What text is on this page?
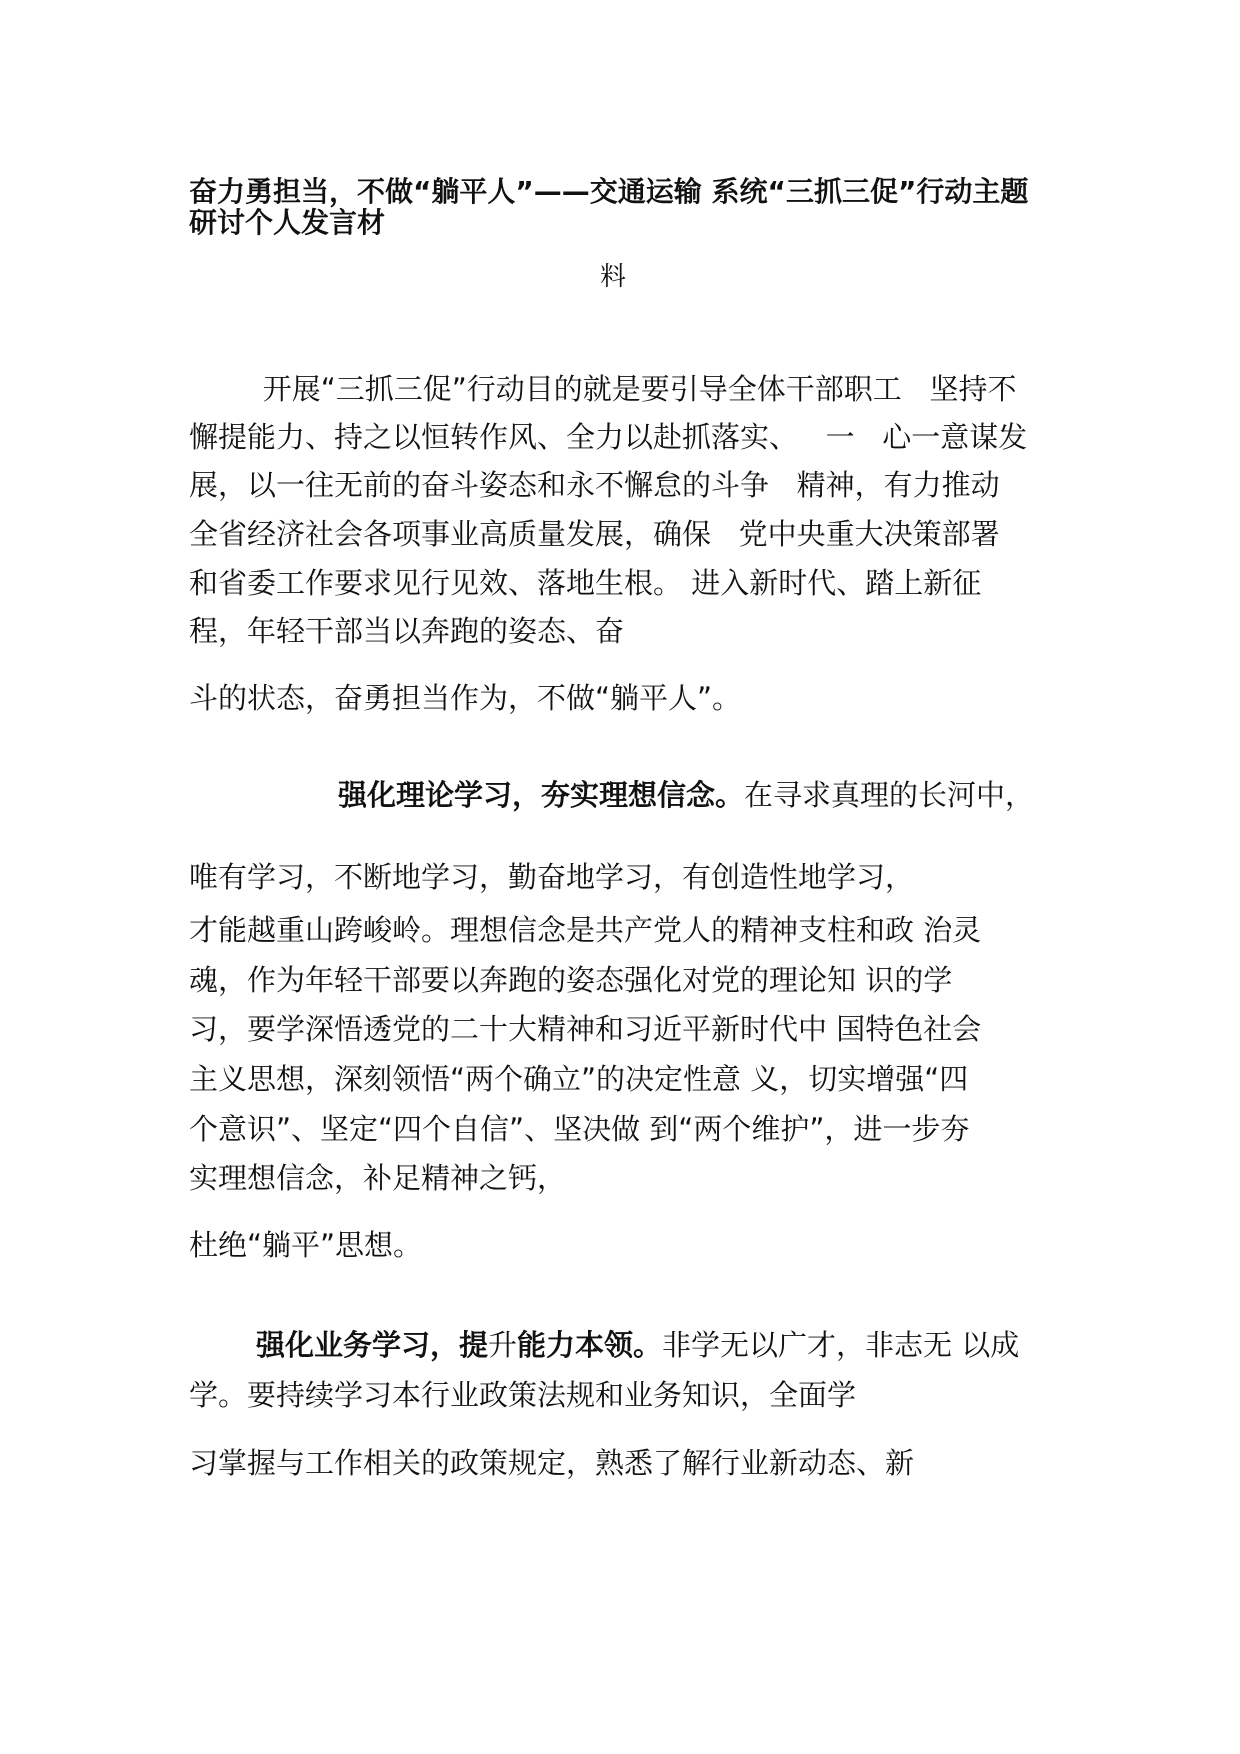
奋力勇担当，不做“躺平人”——交通运输 系统“三抓三促”行动主题
研讨个人发言材
料
开展“三抓三促”行动目的就是要引导全体干部职工   坚持不
懈提能力、持之以恒转作风、全力以赴抓落实、   一   心一意谋发
展，以一往无前的奋斗姿态和永不懈怠的斗争   精神，有力推动
全省经济社会各项事业高质量发展，确保   党中央重大决策部署
和省委工作要求见行见效、落地生根。 进入新时代、踏上新征
程，年轻干部当以奔跑的姿态、奋
斗的状态，奋勇担当作为，不做“躺平人”。
强化理论学习，夯实理想信念。在寻求真理的长河中，
唯有学习，不断地学习，勤奋地学习，有创造性地学习，
才能越重山跨峻岭。理想信念是共产党人的精神支柱和政 治灵
魂，作为年轻干部要以奔跑的姿态强化对党的理论知 识的学
习，要学深悟透党的二十大精神和习近平新时代中 国特色社会
主义思想，深刻领悟“两个确立”的决定性意 义，切实增强“四
个意识”、坚定“四个自信”、坚决做 到“两个维护”，进一步夯
实理想信念，补足精神之钙，
杜绝“躺平”思想。
强化业务学习，提升能力本领。非学无以广才，非志无 以成
学。要持续学习本行业政策法规和业务知识，全面学
习掌握与工作相关的政策规定，熟悉了解行业新动态、新
